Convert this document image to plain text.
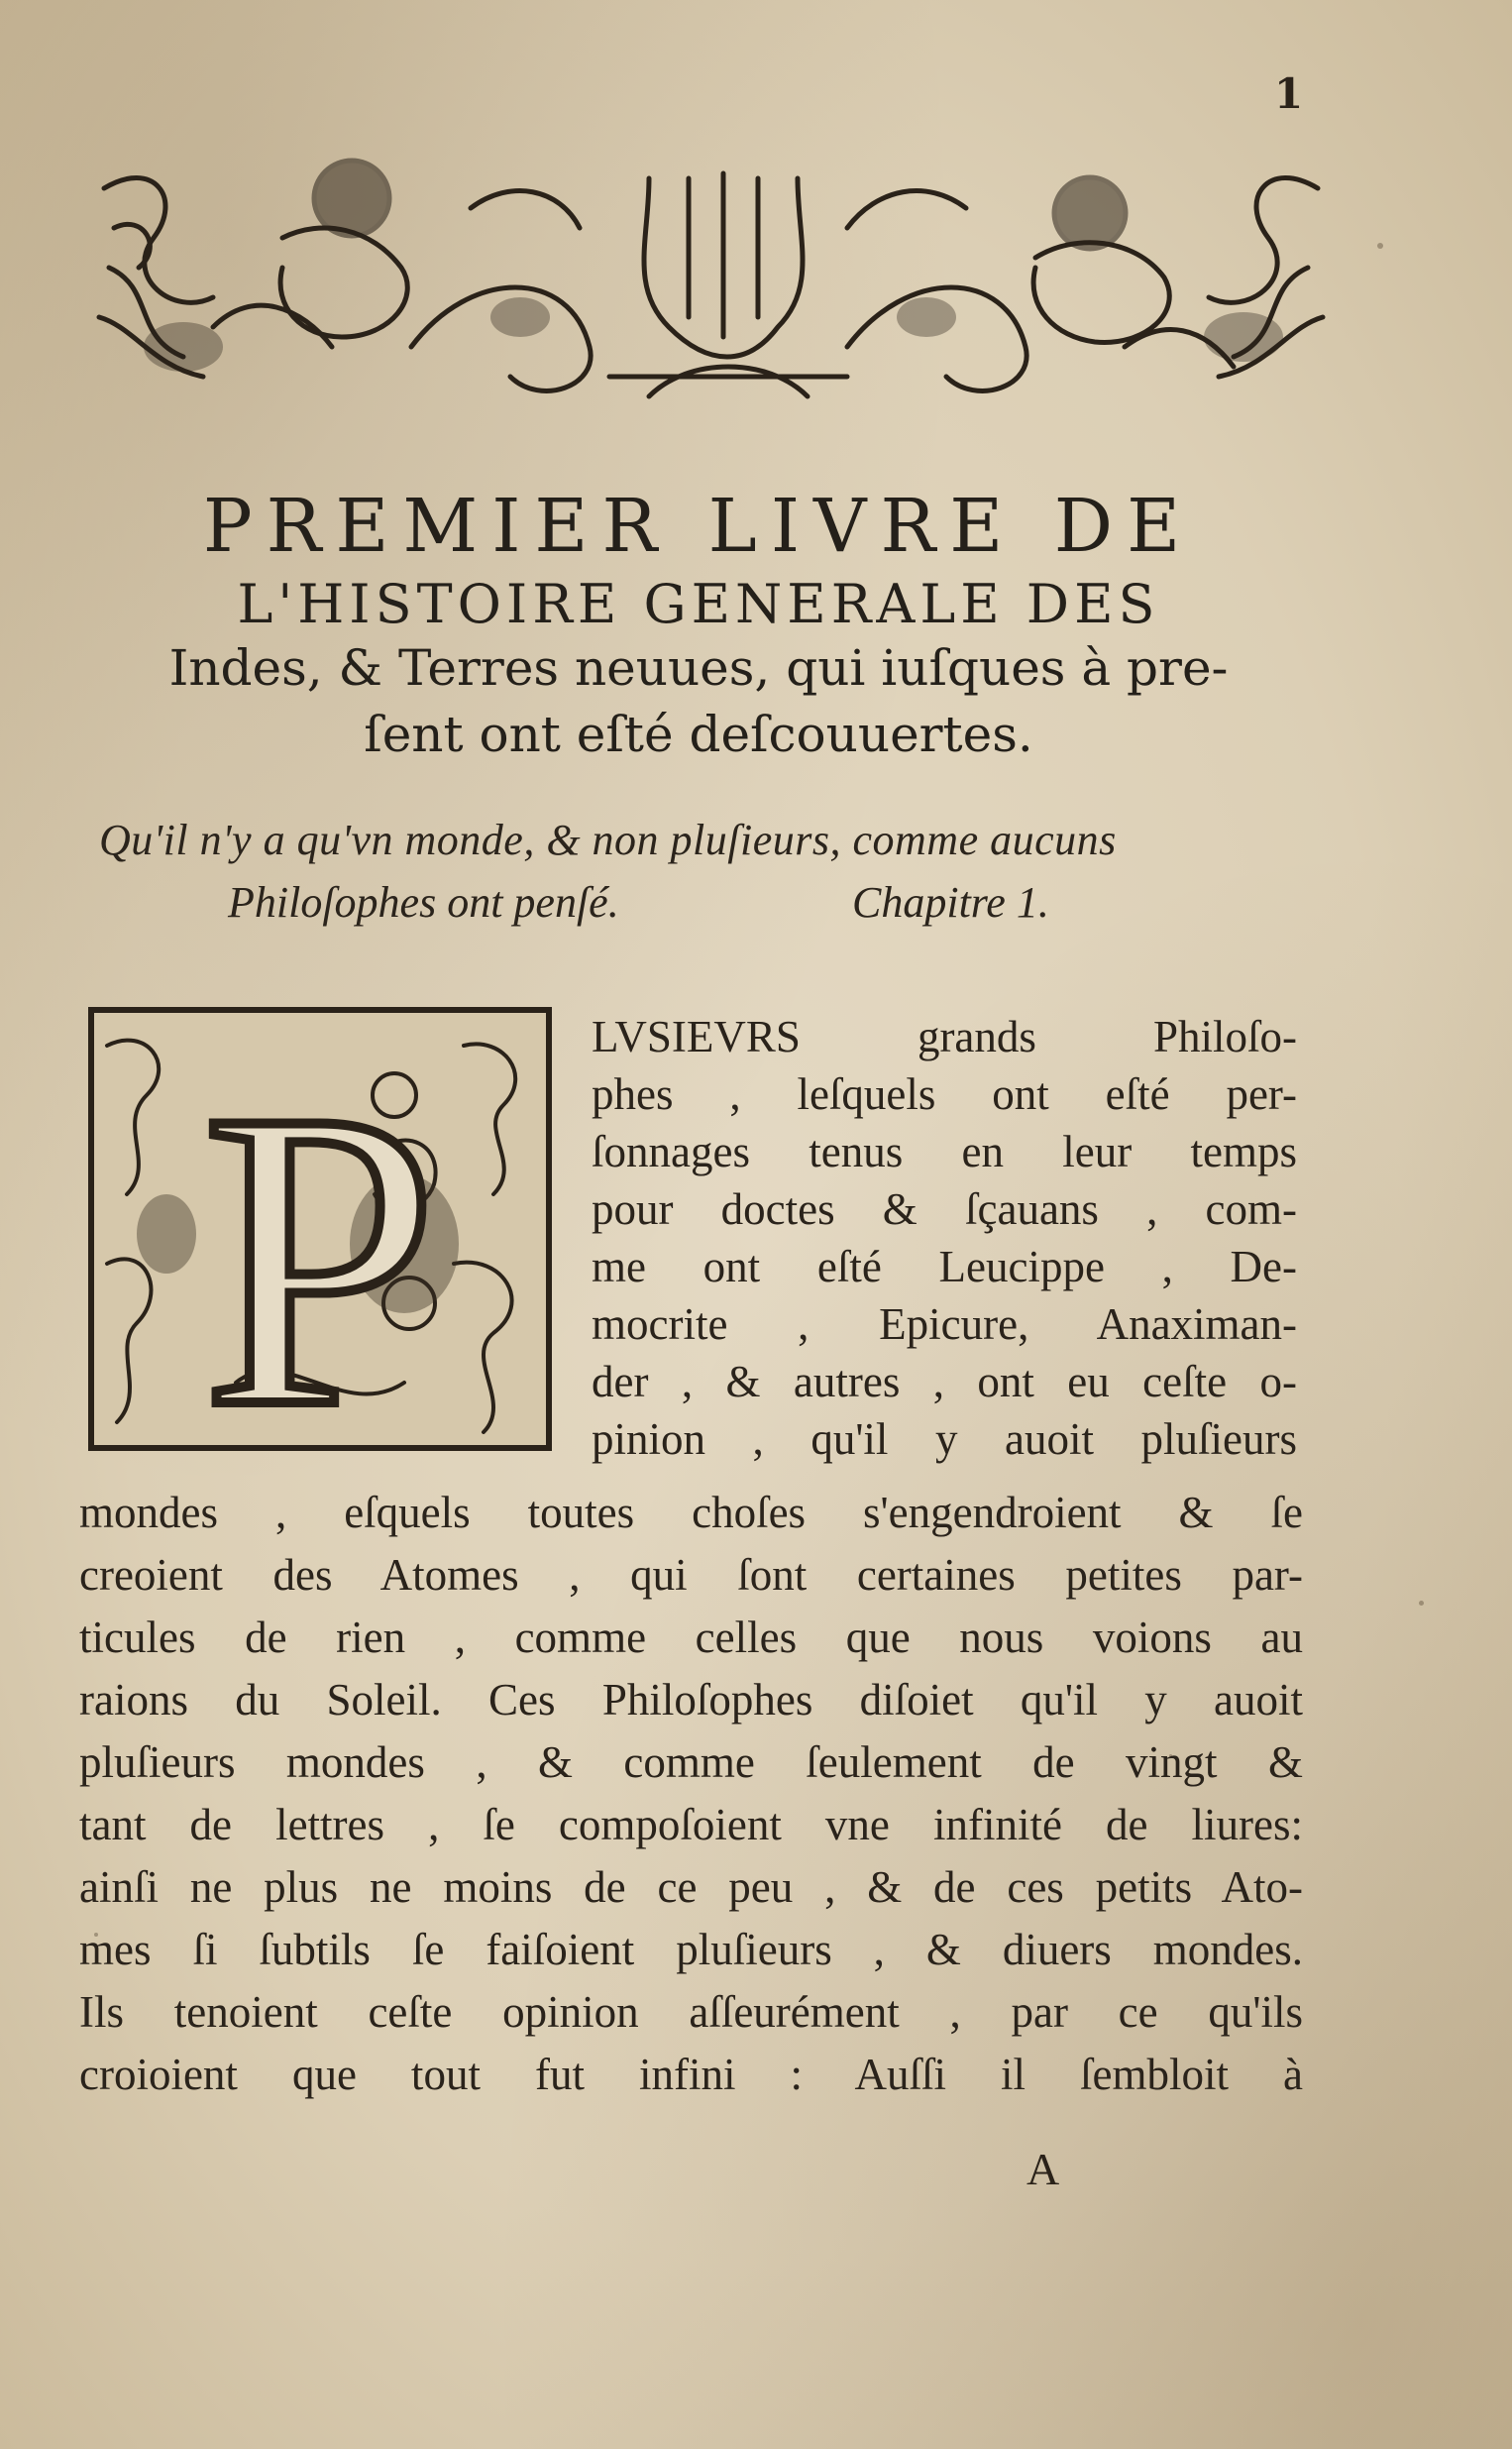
1
PREMIER LIVRE DE
L'HISTOIRE GENERALE DES
Indes, & Terres neuues, qui iuſques à pre-
ſent ont eſté deſcouuertes.
Qu'il n'y a qu'vn monde, & non pluſieurs, comme aucuns
Philoſophes ont penſé.	Chapitre 1.
P	LVSIEVRS grands Philoſo-
phes , leſquels ont eſté per-
ſonnages tenus en leur temps
pour doctes & ſçauans , com-
me ont eſté Leucippe , De-
mocrite , Epicure, Anaximan-
der , & autres , ont eu ceſte o-
pinion , qu'il y auoit pluſieurs
mondes , eſquels toutes choſes s'engendroient & ſe
creoient des Atomes , qui ſont certaines petites par-
ticules de rien , comme celles que nous voions au
raions du Soleil. Ces Philoſophes diſoiet qu'il y auoit
pluſieurs mondes , & comme ſeulement de vingt &
tant de lettres , ſe compoſoient vne infinité de liures:
ainſi ne plus ne moins de ce peu , & de ces petits Ato-
mes ſi ſubtils ſe faiſoient pluſieurs , & diuers mondes.
Ils tenoient ceſte opinion aſſeurément , par ce qu'ils
croioient que tout fut infini : Auſſi il ſembloit à
A
